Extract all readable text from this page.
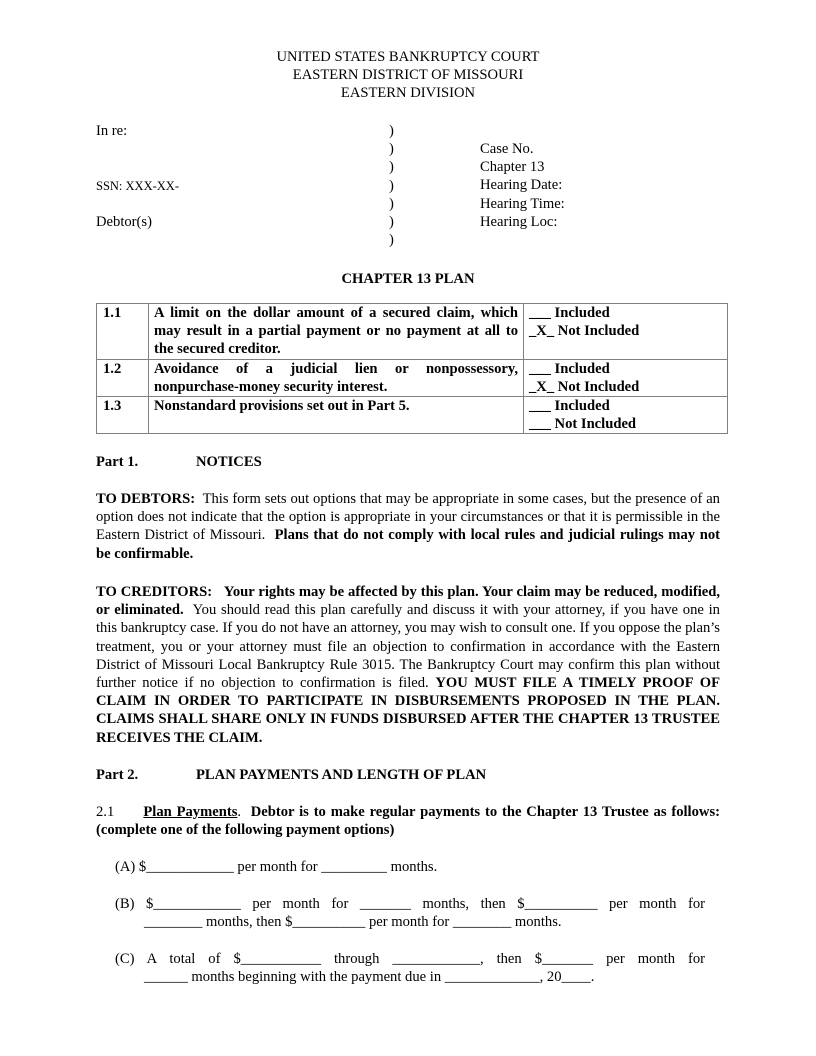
UNITED STATES BANKRUPTCY COURT
EASTERN DISTRICT OF MISSOURI
EASTERN DIVISION
In re:
SSN: XXX-XX-
Debtor(s)
)
)
)
)
)
)
)
Case No.
Chapter 13
Hearing Date:
Hearing Time:
Hearing Loc:
CHAPTER 13 PLAN
1.1	A limit on the dollar amount of a secured claim, which may result in a partial payment or no payment at all to the secured creditor.	___ Included
_X_ Not Included

1.2	Avoidance of a judicial lien or nonpossessory, nonpurchase-money security interest.	___ Included
_X_ Not Included

1.3	Nonstandard provisions set out in Part 5.	___ Included
___ Not Included
Part 1.	NOTICES
TO DEBTORS: This form sets out options that may be appropriate in some cases, but the presence of an option does not indicate that the option is appropriate in your circumstances or that it is permissible in the Eastern District of Missouri. Plans that do not comply with local rules and judicial rulings may not be confirmable.
TO CREDITORS: Your rights may be affected by this plan. Your claim may be reduced, modified, or eliminated. You should read this plan carefully and discuss it with your attorney, if you have one in this bankruptcy case. If you do not have an attorney, you may wish to consult one. If you oppose the plan’s treatment, you or your attorney must file an objection to confirmation in accordance with the Eastern District of Missouri Local Bankruptcy Rule 3015. The Bankruptcy Court may confirm this plan without further notice if no objection to confirmation is filed. YOU MUST FILE A TIMELY PROOF OF CLAIM IN ORDER TO PARTICIPATE IN DISBURSEMENTS PROPOSED IN THE PLAN. CLAIMS SHALL SHARE ONLY IN FUNDS DISBURSED AFTER THE CHAPTER 13 TRUSTEE RECEIVES THE CLAIM.
Part 2.	PLAN PAYMENTS AND LENGTH OF PLAN
2.1 Plan Payments.  Debtor is to make regular payments to the Chapter 13 Trustee as follows: (complete one of the following payment options)
(A) $____________ per month for _________ months.
(B) $____________ per month for _______ months, then $__________ per month for
________ months, then $__________ per month for ________ months.
(C) A total of $___________ through ____________, then $_______ per month for
______ months beginning with the payment due in _____________, 20____.
